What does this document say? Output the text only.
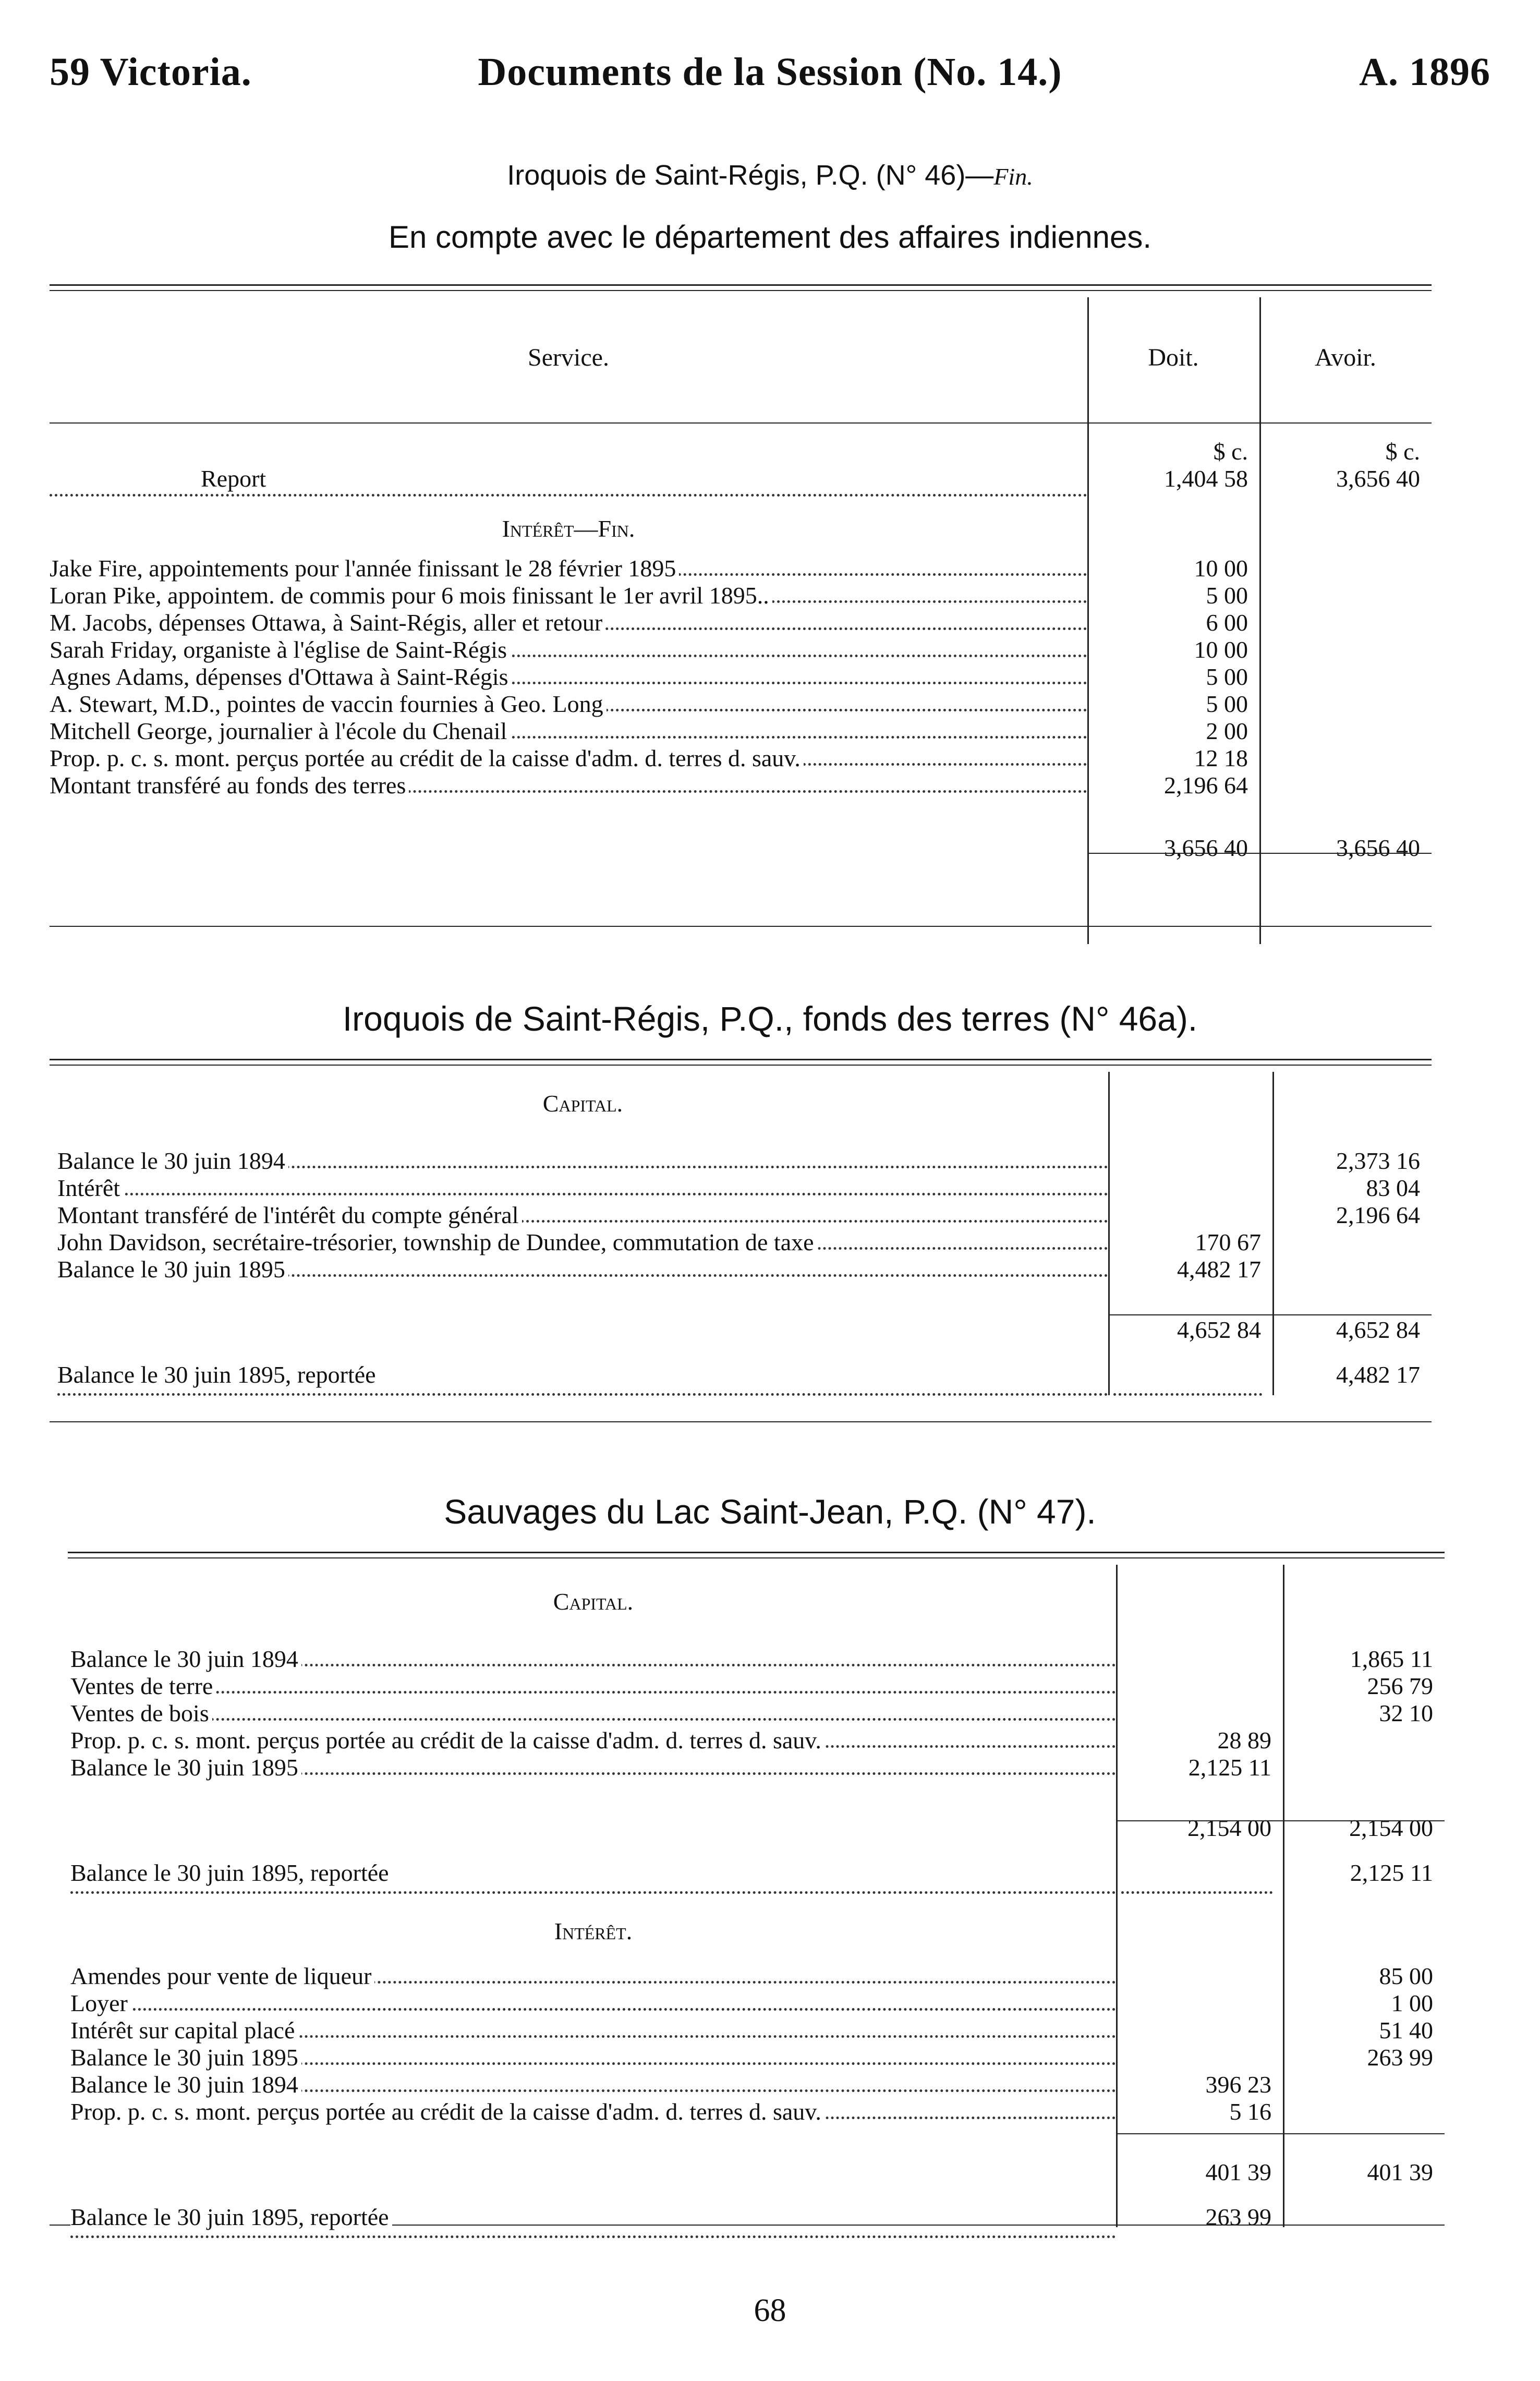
59 Victoria.	Documents de la Session (No. 14.)	A. 1896
Iroquois de Saint-Régis, P.Q. (N° 46)—Fin.
En compte avec le département des affaires indiennes.
Service.	Doit.	Avoir.
	$ c.	$ c.
Report	1,404 58	3,656 40
Intérêt—Fin.		
Jake Fire, appointements pour l'année finissant le 28 février 1895	10 00	
Loran Pike, appointem. de commis pour 6 mois finissant le 1er avril 1895..	5 00	
M. Jacobs, dépenses Ottawa, à Saint-Régis, aller et retour	6 00	
Sarah Friday, organiste à l'église de Saint-Régis	10 00	
Agnes Adams, dépenses d'Ottawa à Saint-Régis	5 00	
A. Stewart, M.D., pointes de vaccin fournies à Geo. Long	5 00	
Mitchell George, journalier à l'école du Chenail	2 00	
Prop. p. c. s. mont. perçus portée au crédit de la caisse d'adm. d. terres d. sauv.	12 18	
Montant transféré au fonds des terres	2,196 64	

	3,656 40	3,656 40
Iroquois de Saint-Régis, P.Q., fonds des terres (N° 46a).
Capital.		
Balance le 30 juin 1894		2,373 16
Intérêt		83 04
Montant transféré de l'intérêt du compte général		2,196 64
John Davidson, secrétaire-trésorier, township de Dundee, commutation de taxe	170 67	
Balance le 30 juin 1895	4,482 17	

	4,652 84	4,652 84
Balance le 30 juin 1895, reportée		4,482 17
Sauvages du Lac Saint-Jean, P.Q. (N° 47).
Capital.		
Balance le 30 juin 1894		1,865 11
Ventes de terre		256 79
Ventes de bois		32 10
Prop. p. c. s. mont. perçus portée au crédit de la caisse d'adm. d. terres d. sauv.	28 89	
Balance le 30 juin 1895	2,125 11	

	2,154 00	2,154 00
Balance le 30 juin 1895, reportée		2,125 11
Intérêt.		
Amendes pour vente de liqueur		85 00
Loyer		1 00
Intérêt sur capital placé		51 40
Balance le 30 juin 1895		263 99
Balance le 30 juin 1894	396 23	
Prop. p. c. s. mont. perçus portée au crédit de la caisse d'adm. d. terres d. sauv.	5 16	

	401 39	401 39
Balance le 30 juin 1895, reportée	263 99	
68
